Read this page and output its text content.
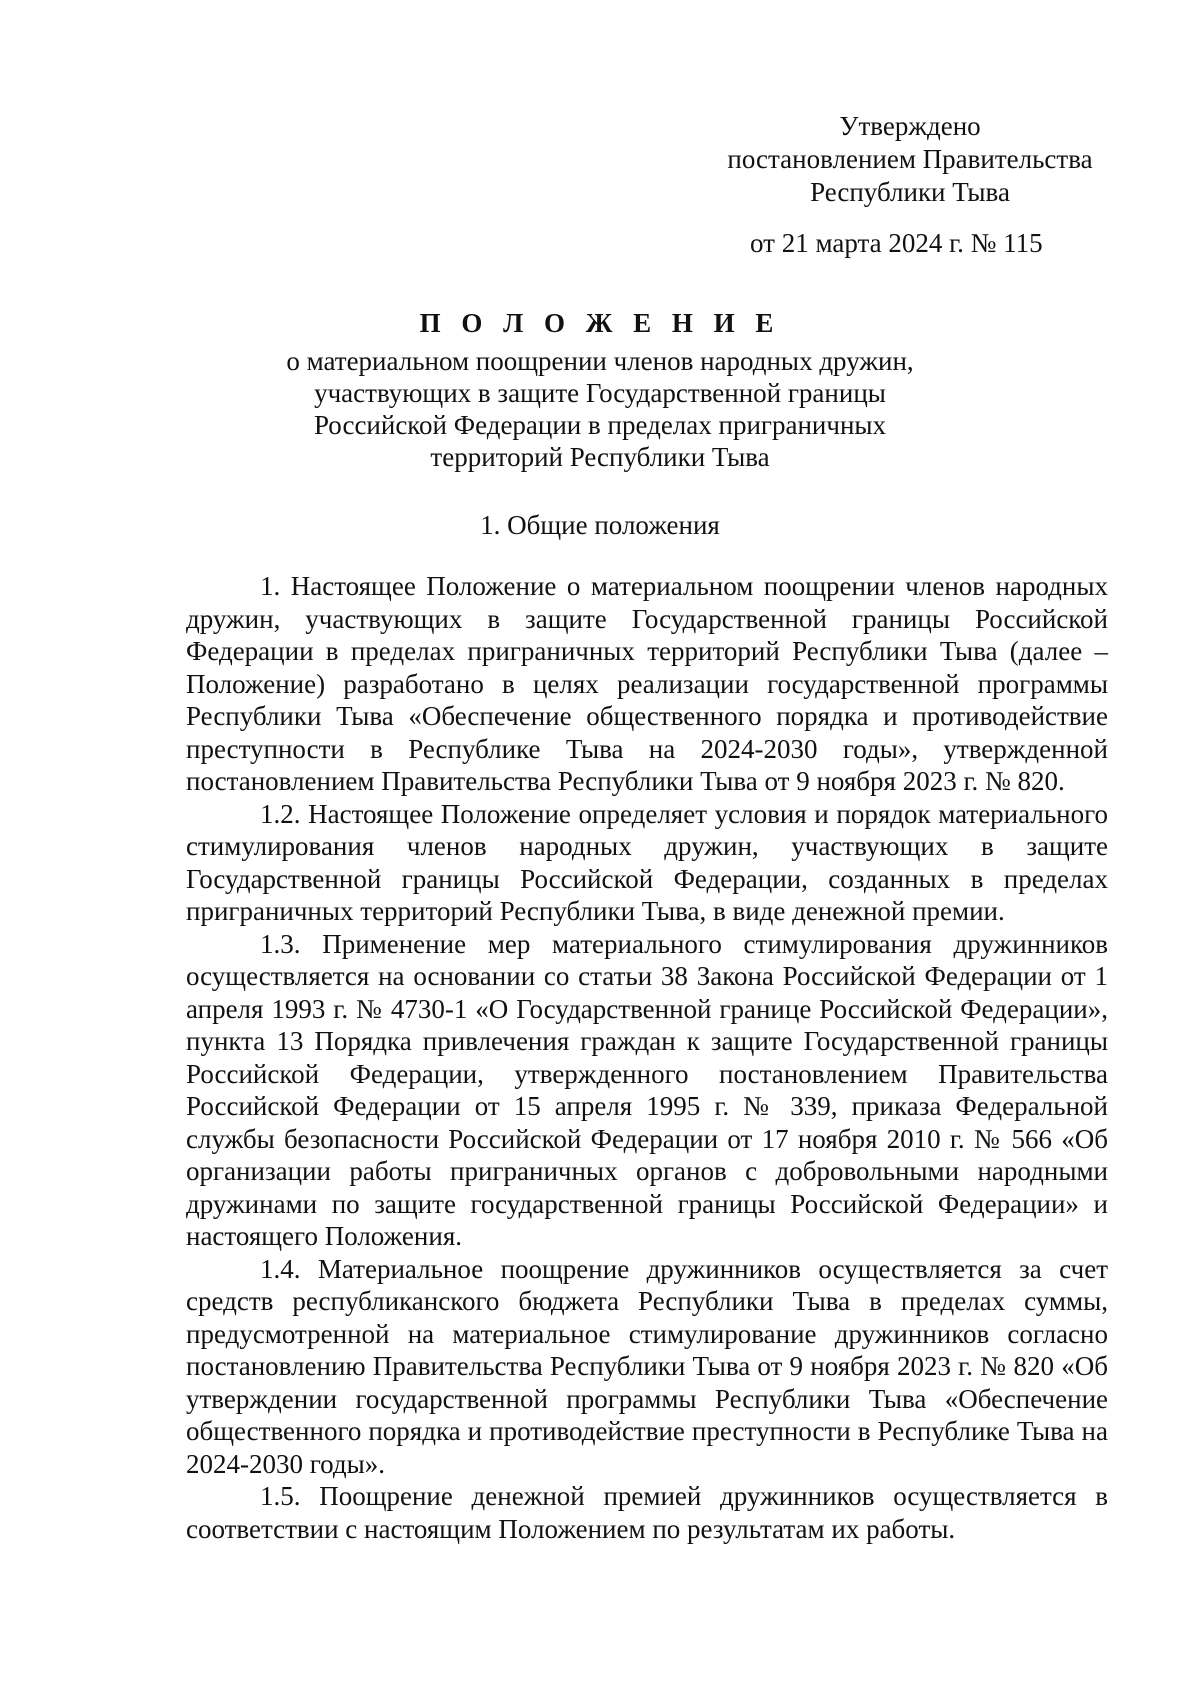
Утверждено
постановлением Правительства
Республики Тыва
от 21 марта 2024 г. № 115
П О Л О Ж Е Н И Е
о материальном поощрении членов народных дружин,
участвующих в защите Государственной границы
Российской Федерации в пределах приграничных
территорий Республики Тыва
1. Общие положения

1. Настоящее Положение о материальном поощрении членов народных дружин, участвующих в защите Государственной границы Российской Федерации в пределах приграничных территорий Республики Тыва (далее – Положение) разработано в целях реализации государственной программы Республики Тыва «Обеспечение общественного порядка и противодействие преступности в Республике Тыва на 2024-2030 годы», утвержденной постановлением Правительства Республики Тыва от 9 ноября 2023 г. № 820.

1.2. Настоящее Положение определяет условия и порядок материального стимулирования членов народных дружин, участвующих в защите Государственной границы Российской Федерации, созданных в пределах приграничных территорий Республики Тыва, в виде денежной премии.

1.3. Применение мер материального стимулирования дружинников осуществляется на основании со статьи 38 Закона Российской Федерации от 1 апреля 1993 г. № 4730-1 «О Государственной границе Российской Федерации», пункта 13 Порядка привлечения граждан к защите Государственной границы Российской Федерации, утвержденного постановлением Правительства Российской Федерации от 15 апреля 1995 г. № 339, приказа Федеральной службы безопасности Российской Федерации от 17 ноября 2010 г. № 566 «Об организации работы приграничных органов с добровольными народными дружинами по защите государственной границы Российской Федерации» и настоящего Положения.

1.4. Материальное поощрение дружинников осуществляется за счет средств республиканского бюджета Республики Тыва в пределах суммы, предусмотренной на материальное стимулирование дружинников согласно постановлению Правительства Республики Тыва от 9 ноября 2023 г. № 820 «Об утверждении государственной программы Республики Тыва «Обеспечение общественного порядка и противодействие преступности в Республике Тыва на 2024-2030 годы».

1.5. Поощрение денежной премией дружинников осуществляется в соответствии с настоящим Положением по результатам их работы.
